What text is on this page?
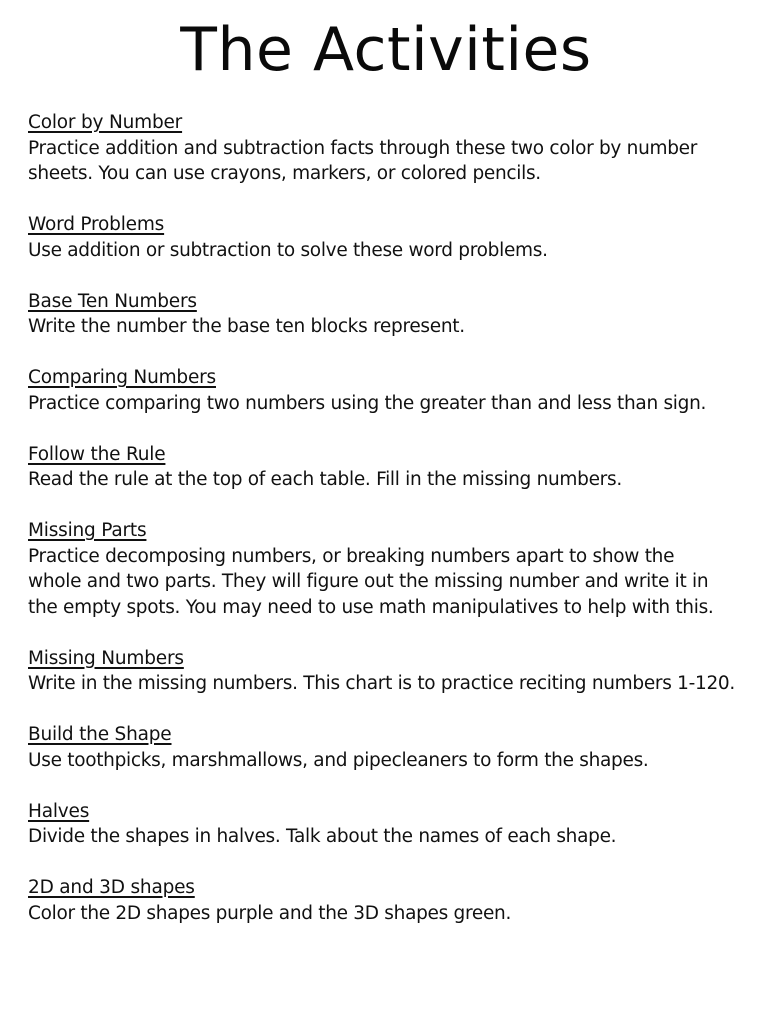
The Activities
Color by Number
Practice addition and subtraction facts through these two color by number
sheets. You can use crayons, markers, or colored pencils.
Word Problems
Use addition or subtraction to solve these word problems.
Base Ten Numbers
Write the number the base ten blocks represent.
Comparing Numbers
Practice comparing two numbers using the greater than and less than sign.
Follow the Rule
Read the rule at the top of each table. Fill in the missing numbers.
Missing Parts
Practice decomposing numbers, or breaking numbers apart to show the
whole and two parts. They will figure out the missing number and write it in
the empty spots. You may need to use math manipulatives to help with this.
Missing Numbers
Write in the missing numbers. This chart is to practice reciting numbers 1-120.
Build the Shape
Use toothpicks, marshmallows, and pipecleaners to form the shapes.
Halves
Divide the shapes in halves. Talk about the names of each shape.
2D and 3D shapes
Color the 2D shapes purple and the 3D shapes green.
